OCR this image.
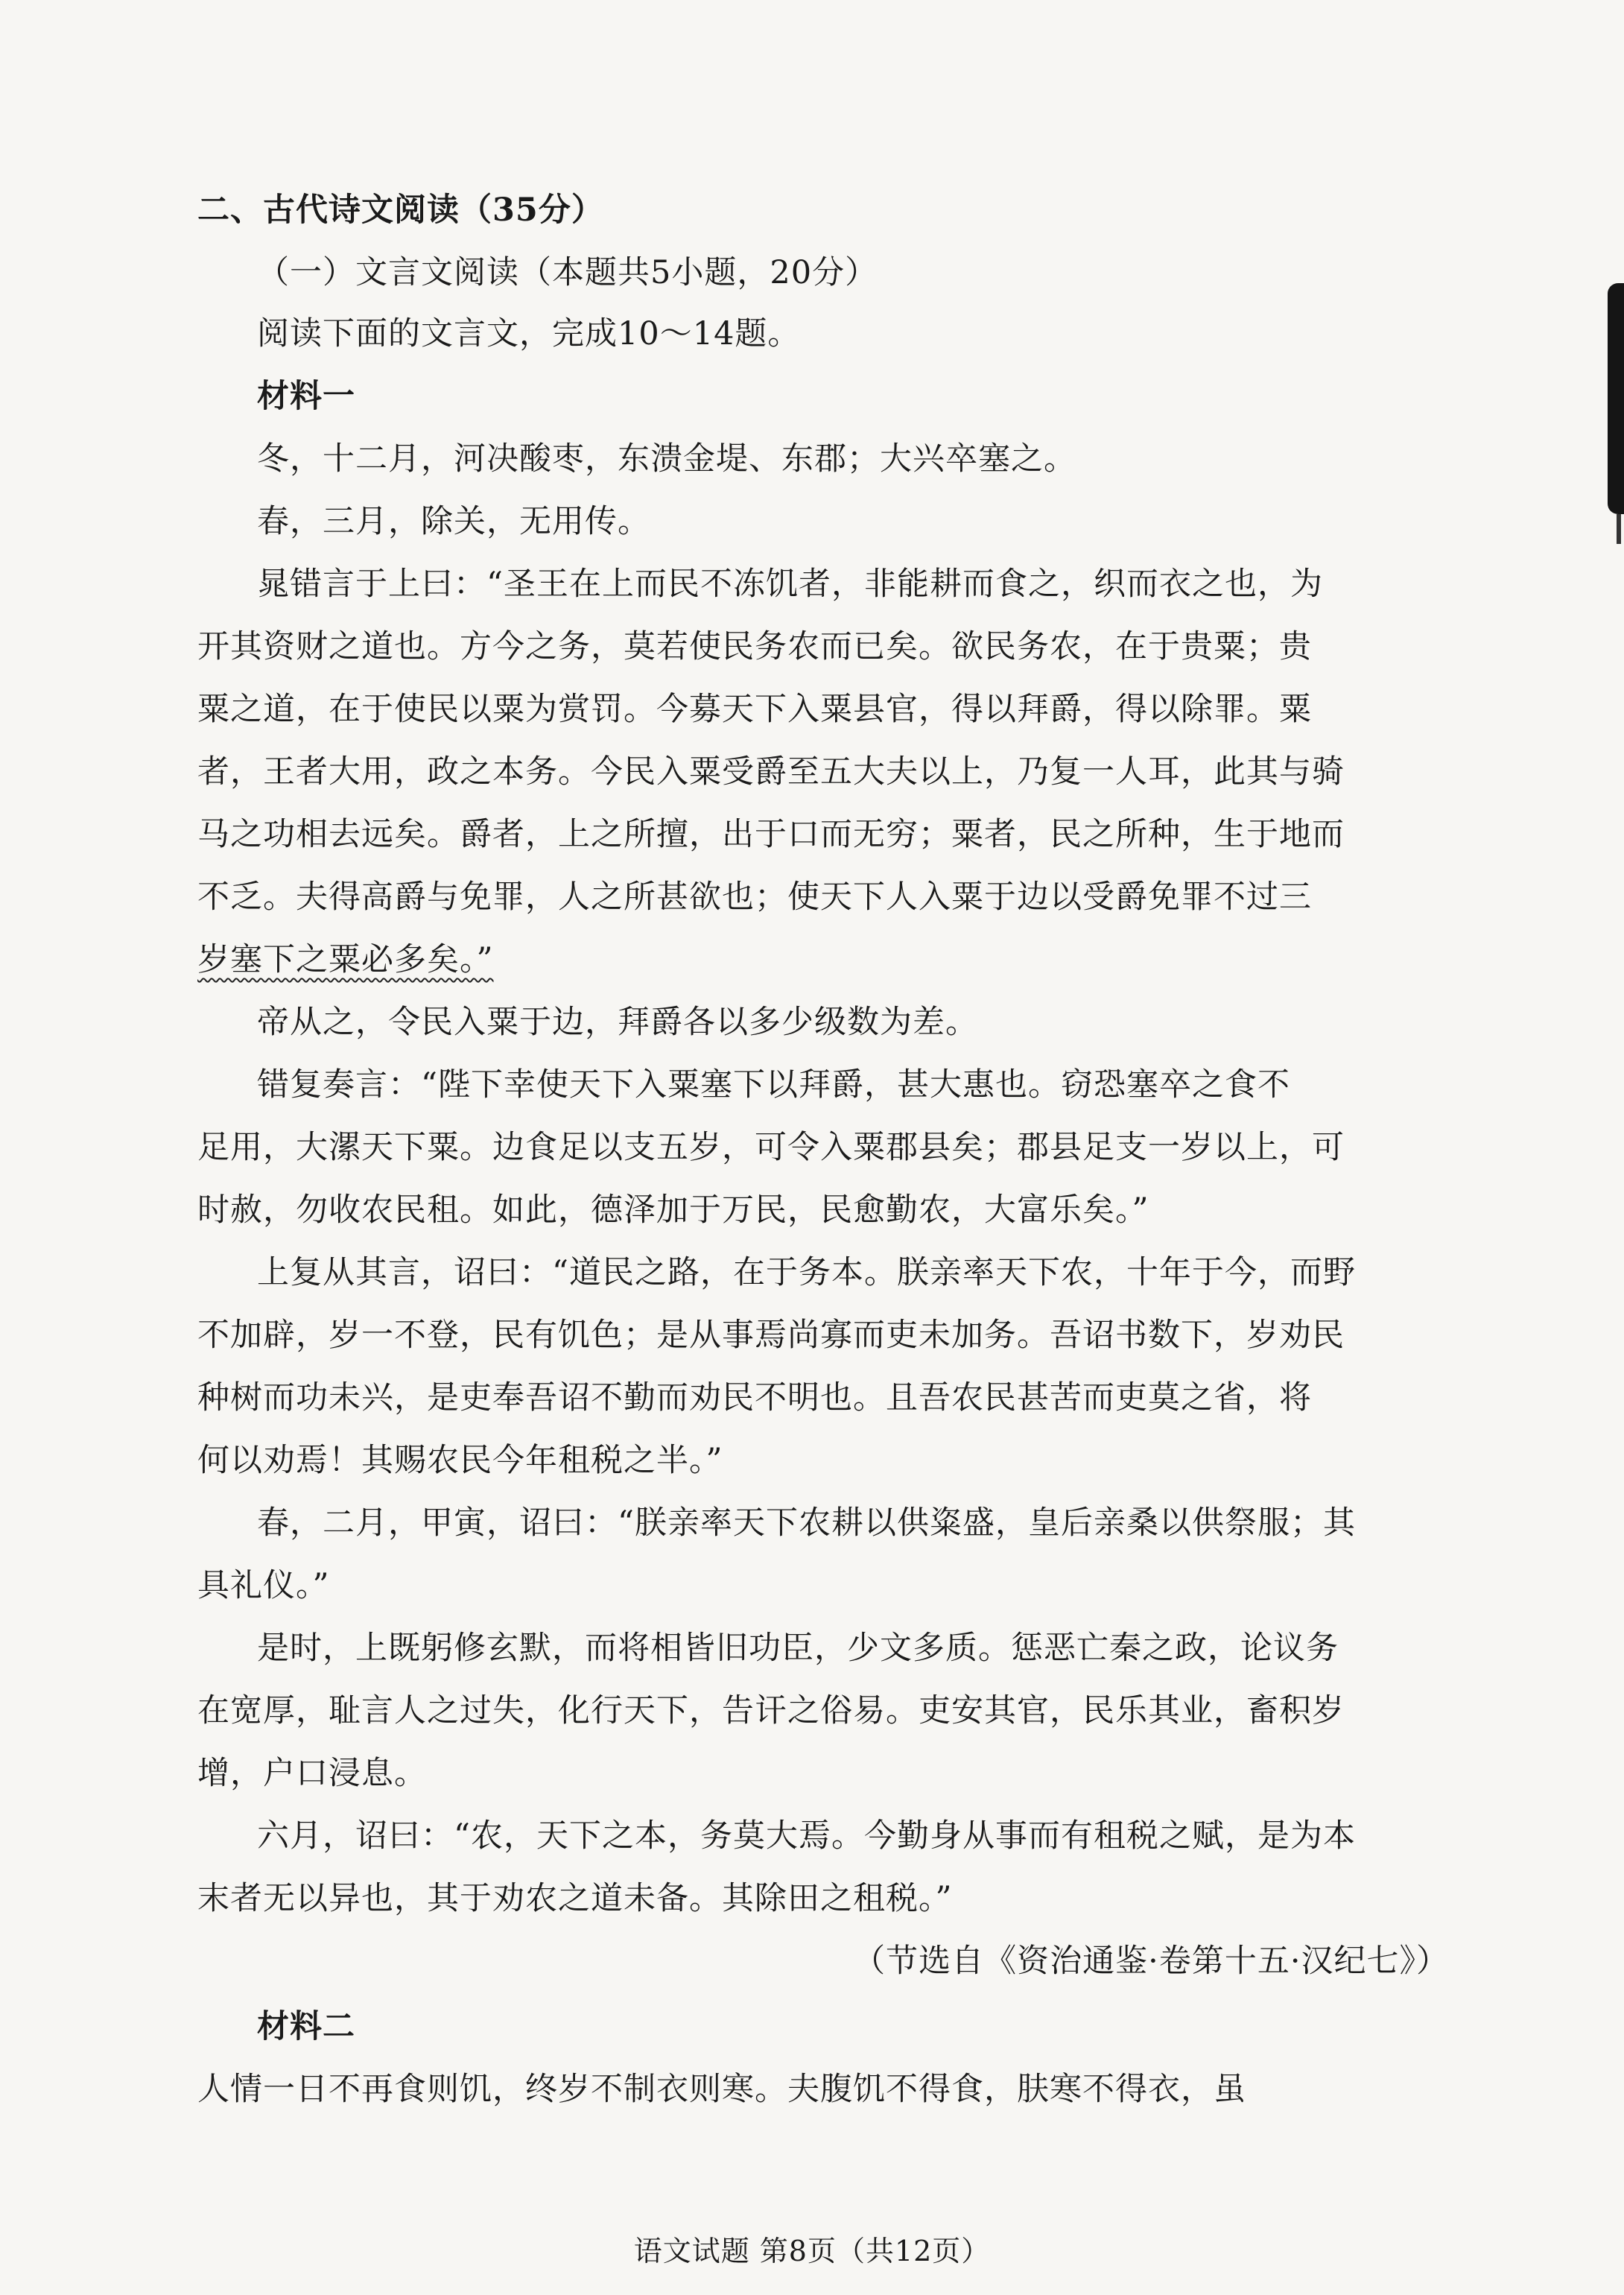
二、古代诗文阅读（35分）
（一）文言文阅读（本题共5小题，20分）
阅读下面的文言文，完成10～14题。
材料一
冬，十二月，河决酸枣，东溃金堤、东郡；大兴卒塞之。
春，三月，除关，无用传。
晁错言于上曰：“圣王在上而民不冻饥者，非能耕而食之，织而衣之也，为
开其资财之道也。方今之务，莫若使民务农而已矣。欲民务农，在于贵粟；贵
粟之道，在于使民以粟为赏罚。今募天下入粟县官，得以拜爵，得以除罪。粟
者，王者大用，政之本务。今民入粟受爵至五大夫以上，乃复一人耳，此其与骑
马之功相去远矣。爵者，上之所擅，出于口而无穷；粟者，民之所种，生于地而
不乏。夫得高爵与免罪，人之所甚欲也；使天下人入粟于边以受爵免罪不过三
岁塞下之粟必多矣。”
帝从之，令民入粟于边，拜爵各以多少级数为差。
错复奏言：“陛下幸使天下入粟塞下以拜爵，甚大惠也。窃恐塞卒之食不
足用，大漯天下粟。边食足以支五岁，可令入粟郡县矣；郡县足支一岁以上，可
时赦，勿收农民租。如此，德泽加于万民，民愈勤农，大富乐矣。”
上复从其言，诏曰：“道民之路，在于务本。朕亲率天下农，十年于今，而野
不加辟，岁一不登，民有饥色；是从事焉尚寡而吏未加务。吾诏书数下，岁劝民
种树而功未兴，是吏奉吾诏不勤而劝民不明也。且吾农民甚苦而吏莫之省，将
何以劝焉！其赐农民今年租税之半。”
春，二月，甲寅，诏曰：“朕亲率天下农耕以供粢盛，皇后亲桑以供祭服；其
具礼仪。”
是时，上既躬修玄默，而将相皆旧功臣，少文多质。惩恶亡秦之政，论议务
在宽厚，耻言人之过失，化行天下，告讦之俗易。吏安其官，民乐其业，畜积岁
增，户口浸息。
六月，诏曰：“农，天下之本，务莫大焉。今勤身从事而有租税之赋，是为本
末者无以异也，其于劝农之道未备。其除田之租税。”
（节选自《资治通鉴·卷第十五·汉纪七》）
材料二
人情一日不再食则饥，终岁不制衣则寒。夫腹饥不得食，肤寒不得衣，虽
语文试题 第8页（共12页）
